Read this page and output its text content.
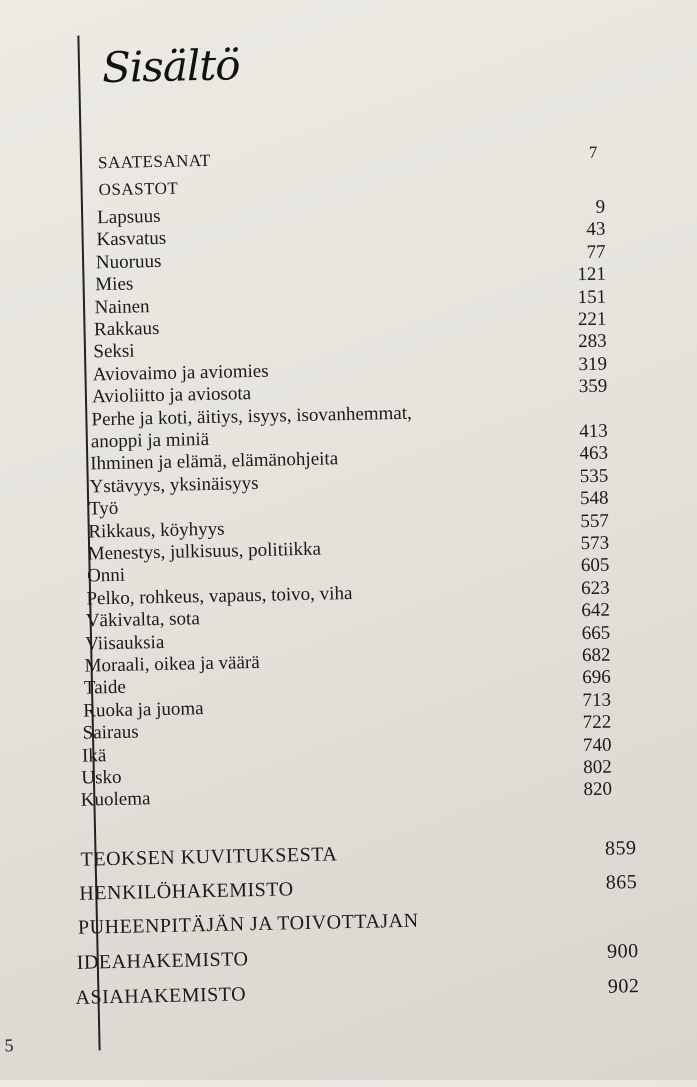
Sisältö
SAATESANAT	7
OSASTOT
Lapsuus	9
Kasvatus	43
Nuoruus	77
Mies	121
Nainen	151
Rakkaus	221
Seksi	283
Aviovaimo ja aviomies	319
Avioliitto ja aviosota	359
Perhe ja koti, äitiys, isyys, isovanhemmat,
anoppi ja miniä	413
Ihminen ja elämä, elämänohjeita	463
Ystävyys, yksinäisyys	535
Työ	548
Rikkaus, köyhyys	557
Menestys, julkisuus, politiikka	573
Onni	605
Pelko, rohkeus, vapaus, toivo, viha	623
Väkivalta, sota	642
Viisauksia	665
Moraali, oikea ja väärä	682
Taide	696
Ruoka ja juoma	713
Sairaus	722
Ikä	740
Usko	802
Kuolema	820
TEOKSEN KUVITUKSESTA	859
HENKILÖHAKEMISTO	865
PUHEENPITÄJÄN JA TOIVOTTAJAN
IDEAHAKEMISTO	900
ASIAHAKEMISTO	902
5
